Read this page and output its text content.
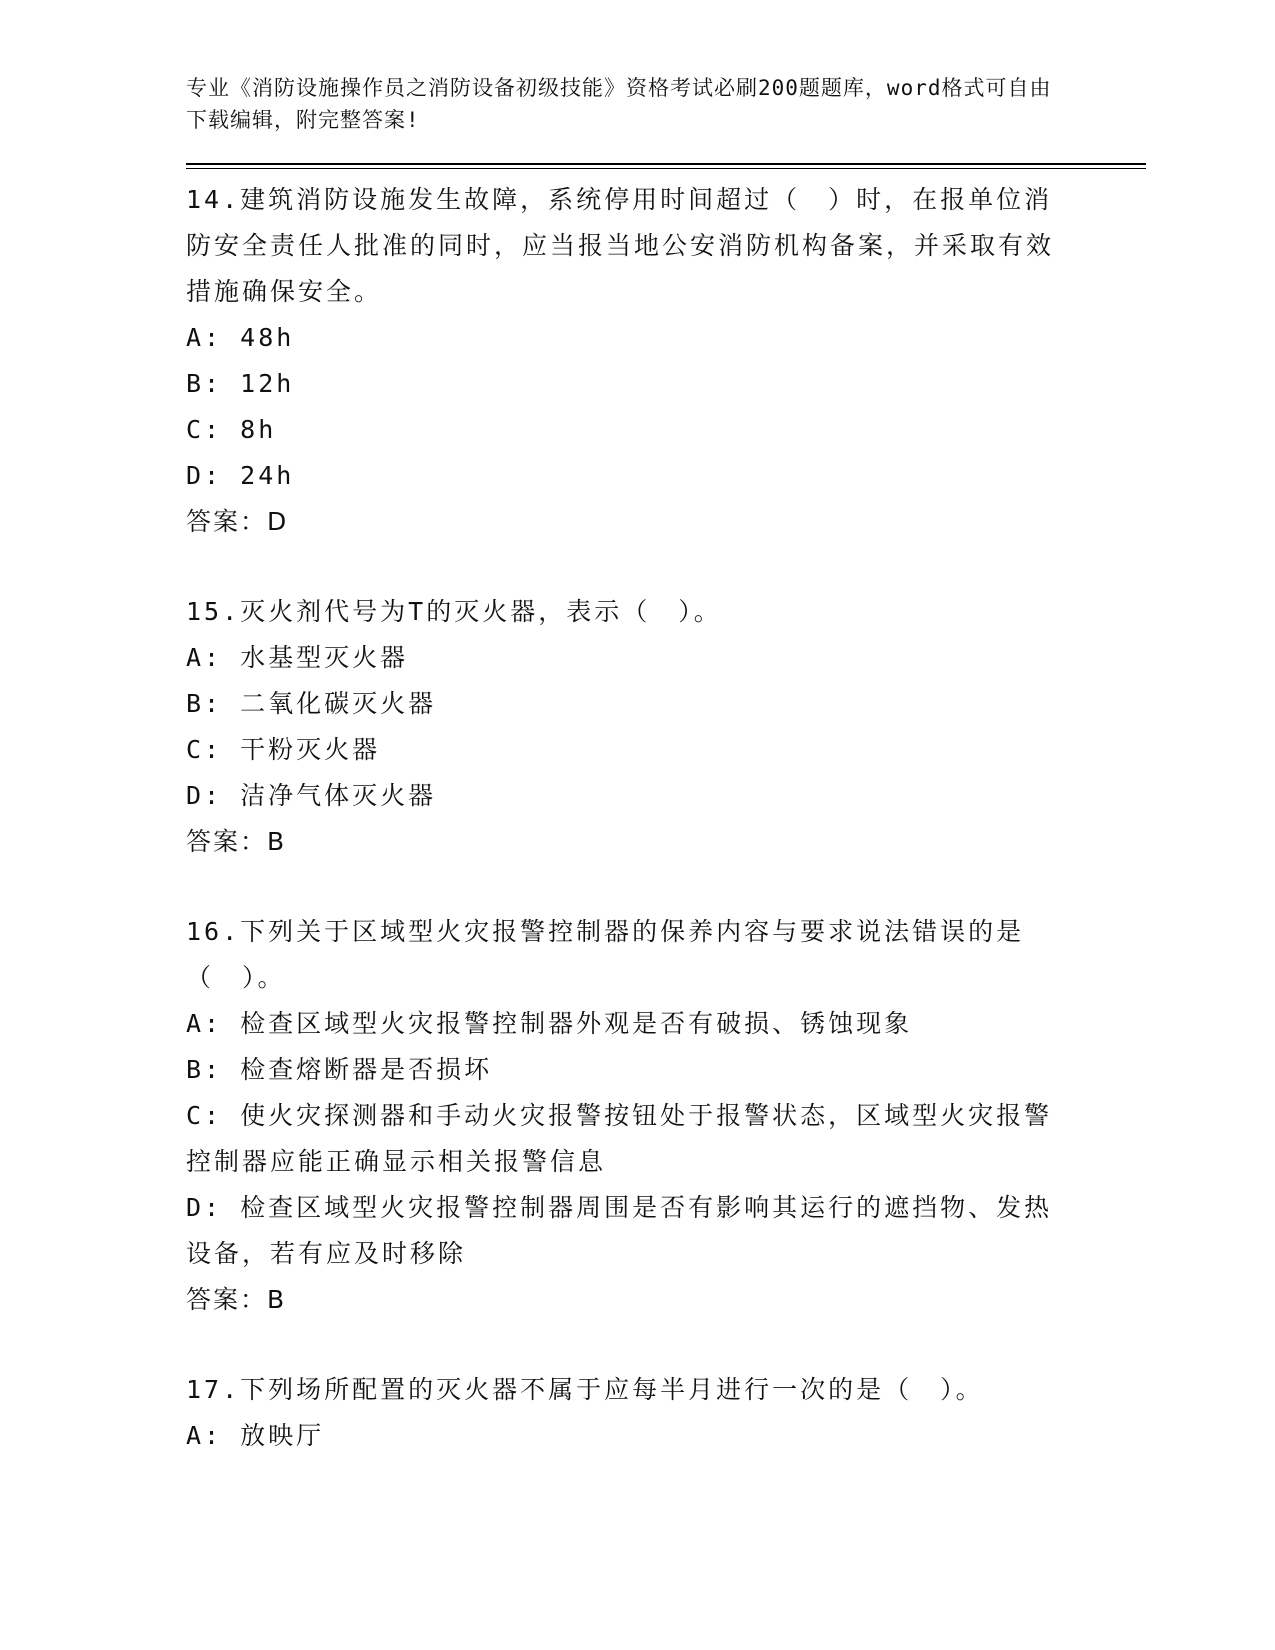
专业《消防设施操作员之消防设备初级技能》资格考试必刷200题题库，word格式可自由下载编辑，附完整答案!

14.建筑消防设施发生故障，系统停用时间超过（　）时，在报单位消防安全责任人批准的同时，应当报当地公安消防机构备案，并采取有效措施确保安全。

A: 48h

B: 12h

C: 8h

D: 24h

答案：D

15.灭火剂代号为T的灭火器，表示（　）。

A: 水基型灭火器

B: 二氧化碳灭火器

C: 干粉灭火器

D: 洁净气体灭火器

答案：B

16.下列关于区域型火灾报警控制器的保养内容与要求说法错误的是（　）。

A: 检查区域型火灾报警控制器外观是否有破损、锈蚀现象

B: 检查熔断器是否损坏

C: 使火灾探测器和手动火灾报警按钮处于报警状态，区域型火灾报警控制器应能正确显示相关报警信息

D: 检查区域型火灾报警控制器周围是否有影响其运行的遮挡物、发热设备，若有应及时移除

答案：B

17.下列场所配置的灭火器不属于应每半月进行一次的是（　）。

A: 放映厅
